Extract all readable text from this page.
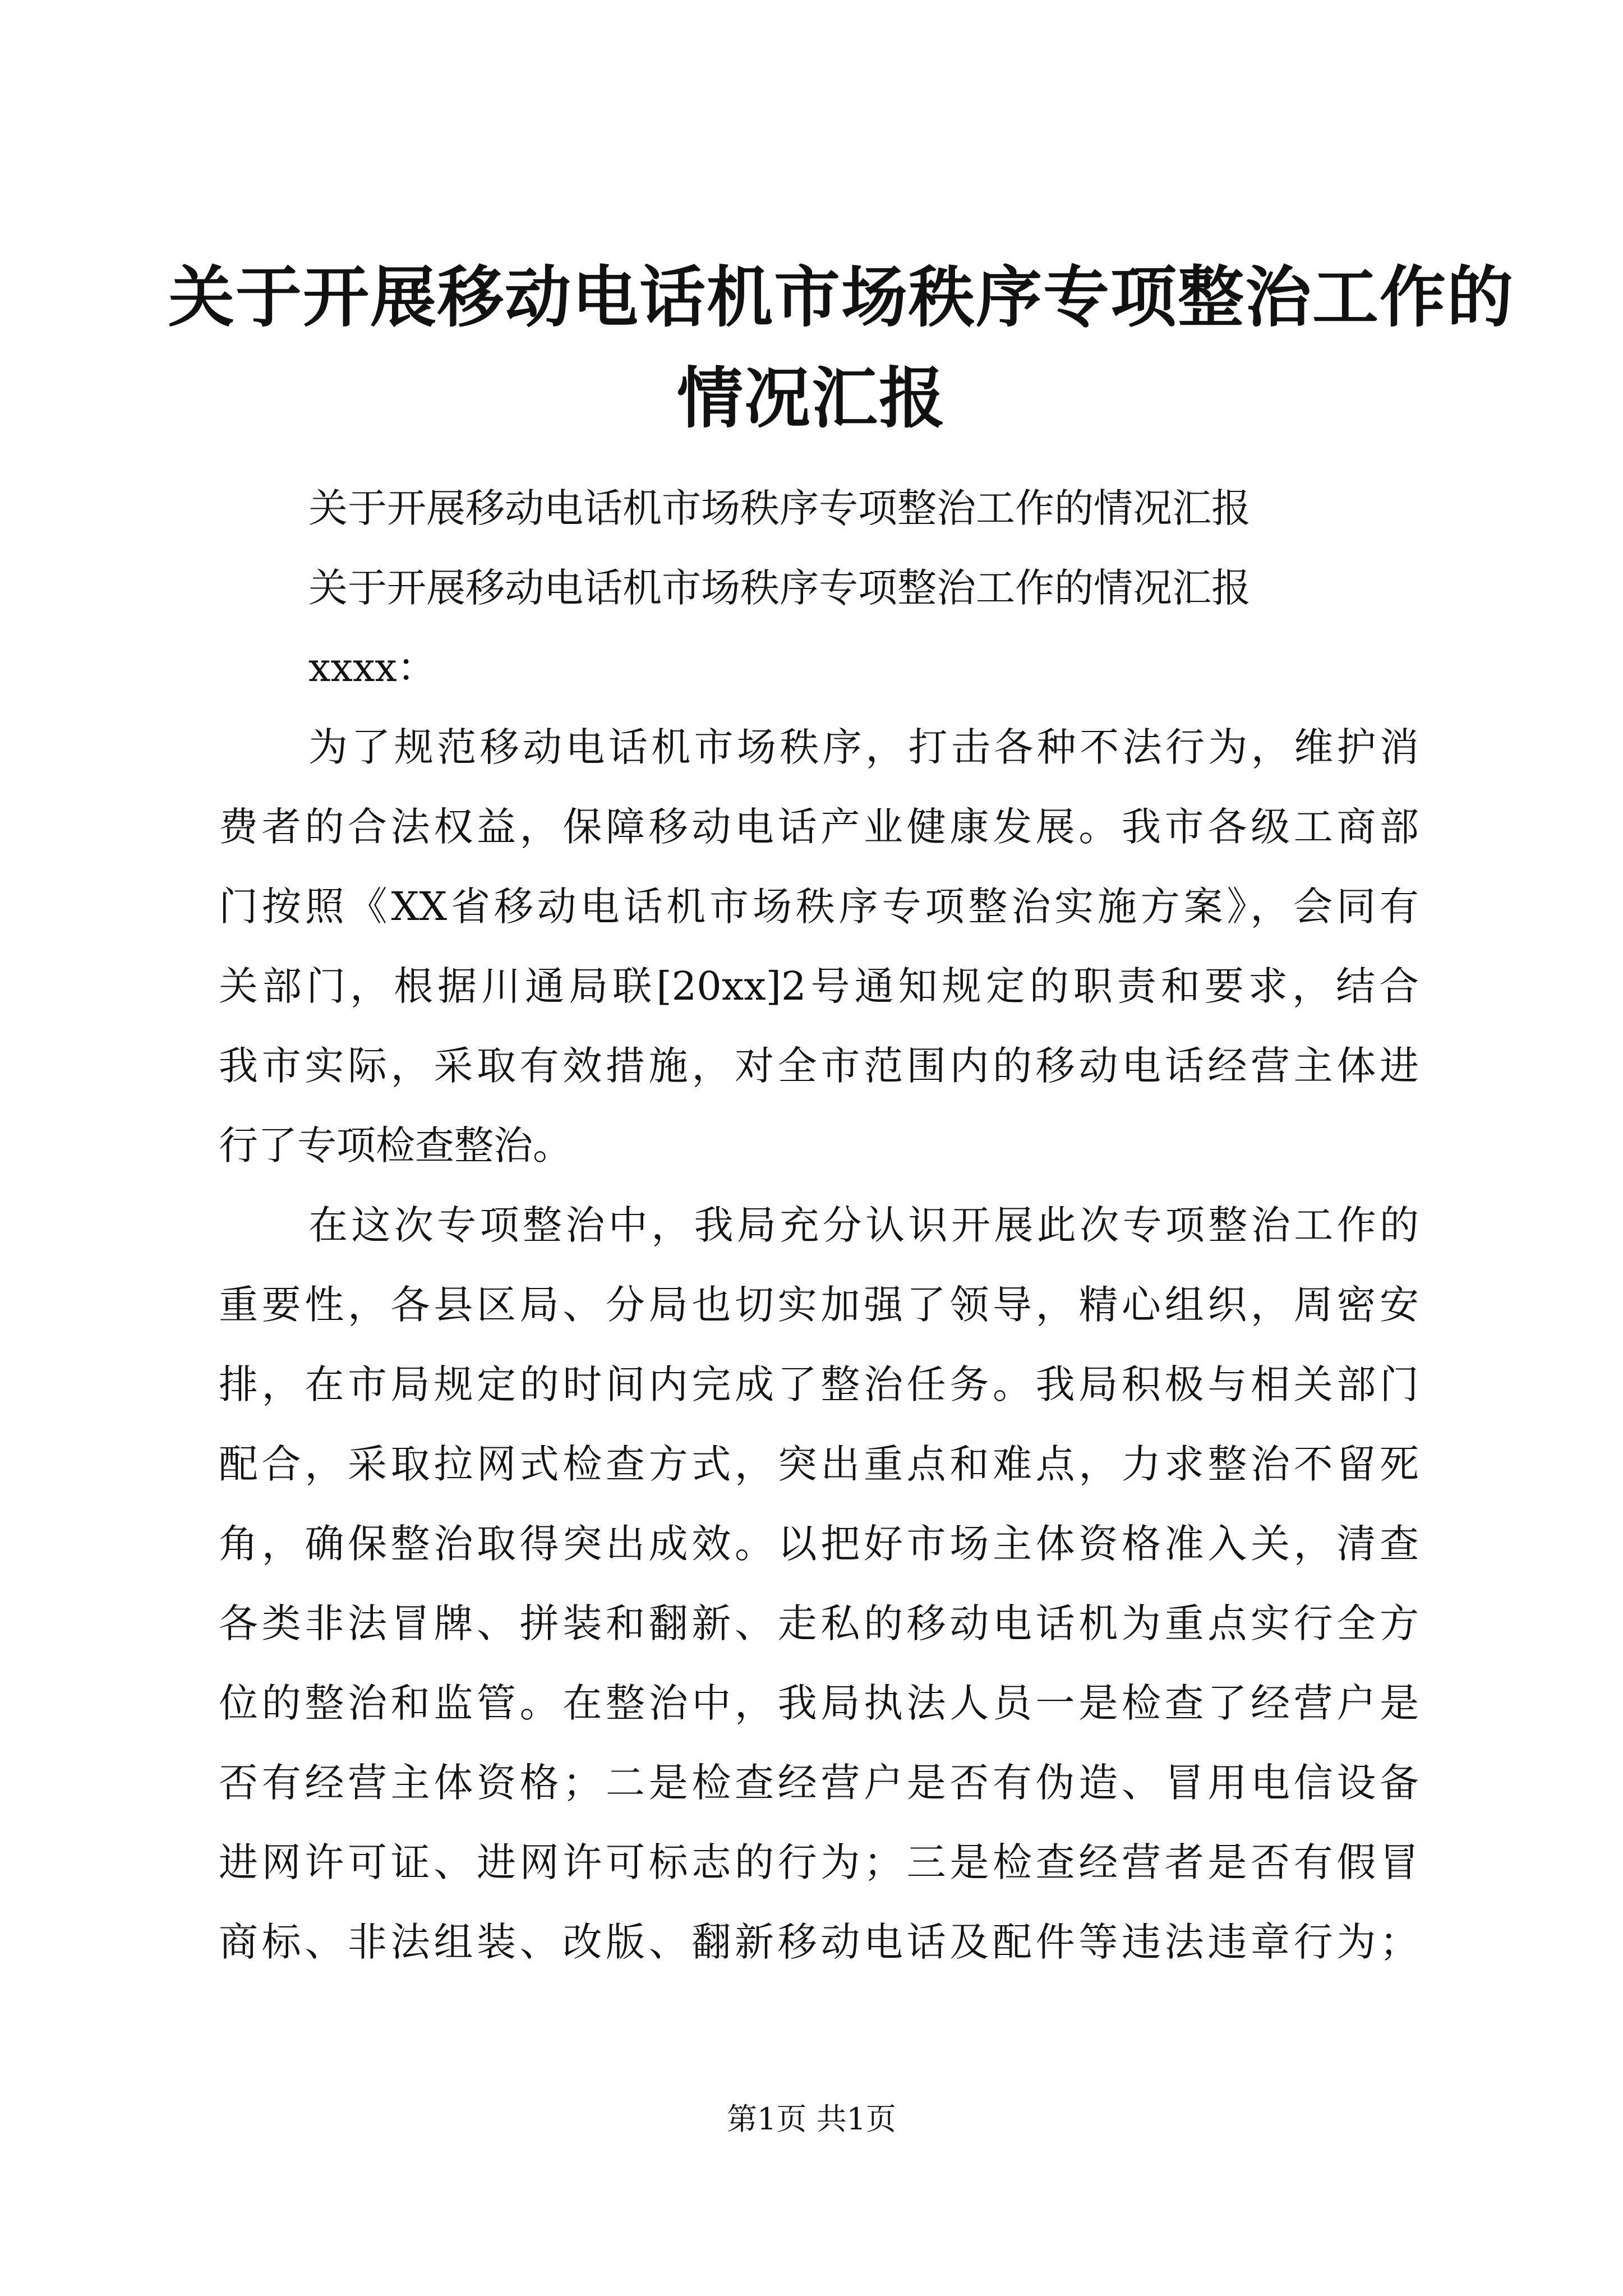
关于开展移动电话机市场秩序专项整治工作的
情况汇报
关于开展移动电话机市场秩序专项整治工作的情况汇报
关于开展移动电话机市场秩序专项整治工作的情况汇报
xxxx：
为了规范移动电话机市场秩序，打击各种不法行为，维护消
费者的合法权益，保障移动电话产业健康发展。我市各级工商部
门按照《XX省移动电话机市场秩序专项整治实施方案》，会同有
关部门，根据川通局联[20xx]2号通知规定的职责和要求，结合
我市实际，采取有效措施，对全市范围内的移动电话经营主体进
行了专项检查整治。
在这次专项整治中，我局充分认识开展此次专项整治工作的
重要性，各县区局、分局也切实加强了领导，精心组织，周密安
排，在市局规定的时间内完成了整治任务。我局积极与相关部门
配合，采取拉网式检查方式，突出重点和难点，力求整治不留死
角，确保整治取得突出成效。以把好市场主体资格准入关，清查
各类非法冒牌、拼装和翻新、走私的移动电话机为重点实行全方
位的整治和监管。在整治中，我局执法人员一是检查了经营户是
否有经营主体资格；二是检查经营户是否有伪造、冒用电信设备
进网许可证、进网许可标志的行为；三是检查经营者是否有假冒
商标、非法组装、改版、翻新移动电话及配件等违法违章行为；
第1页 共1页
